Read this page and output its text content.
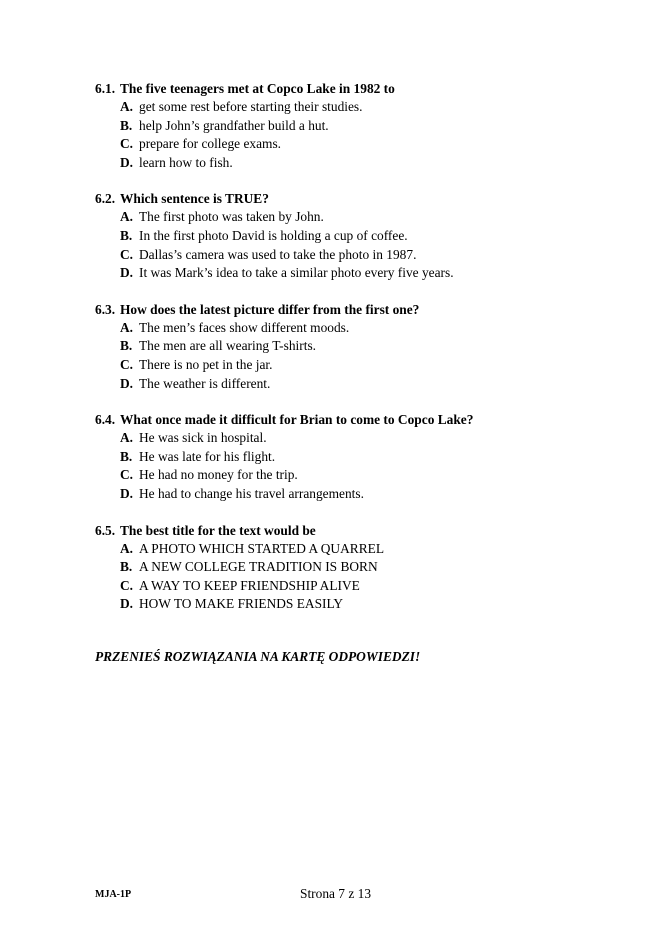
6.1. The five teenagers met at Copco Lake in 1982 to
A. get some rest before starting their studies.
B. help John’s grandfather build a hut.
C. prepare for college exams.
D. learn how to fish.
6.2. Which sentence is TRUE?
A. The first photo was taken by John.
B. In the first photo David is holding a cup of coffee.
C. Dallas’s camera was used to take the photo in 1987.
D. It was Mark’s idea to take a similar photo every five years.
6.3. How does the latest picture differ from the first one?
A. The men’s faces show different moods.
B. The men are all wearing T-shirts.
C. There is no pet in the jar.
D. The weather is different.
6.4. What once made it difficult for Brian to come to Copco Lake?
A. He was sick in hospital.
B. He was late for his flight.
C. He had no money for the trip.
D. He had to change his travel arrangements.
6.5. The best title for the text would be
A. A PHOTO WHICH STARTED A QUARREL
B. A NEW COLLEGE TRADITION IS BORN
C. A WAY TO KEEP FRIENDSHIP ALIVE
D. HOW TO MAKE FRIENDS EASILY
PRZENIEŚ ROZWIĄZANIA NA KARTĘ ODPOWIEDZI!
MJA-1P	Strona 7 z 13
